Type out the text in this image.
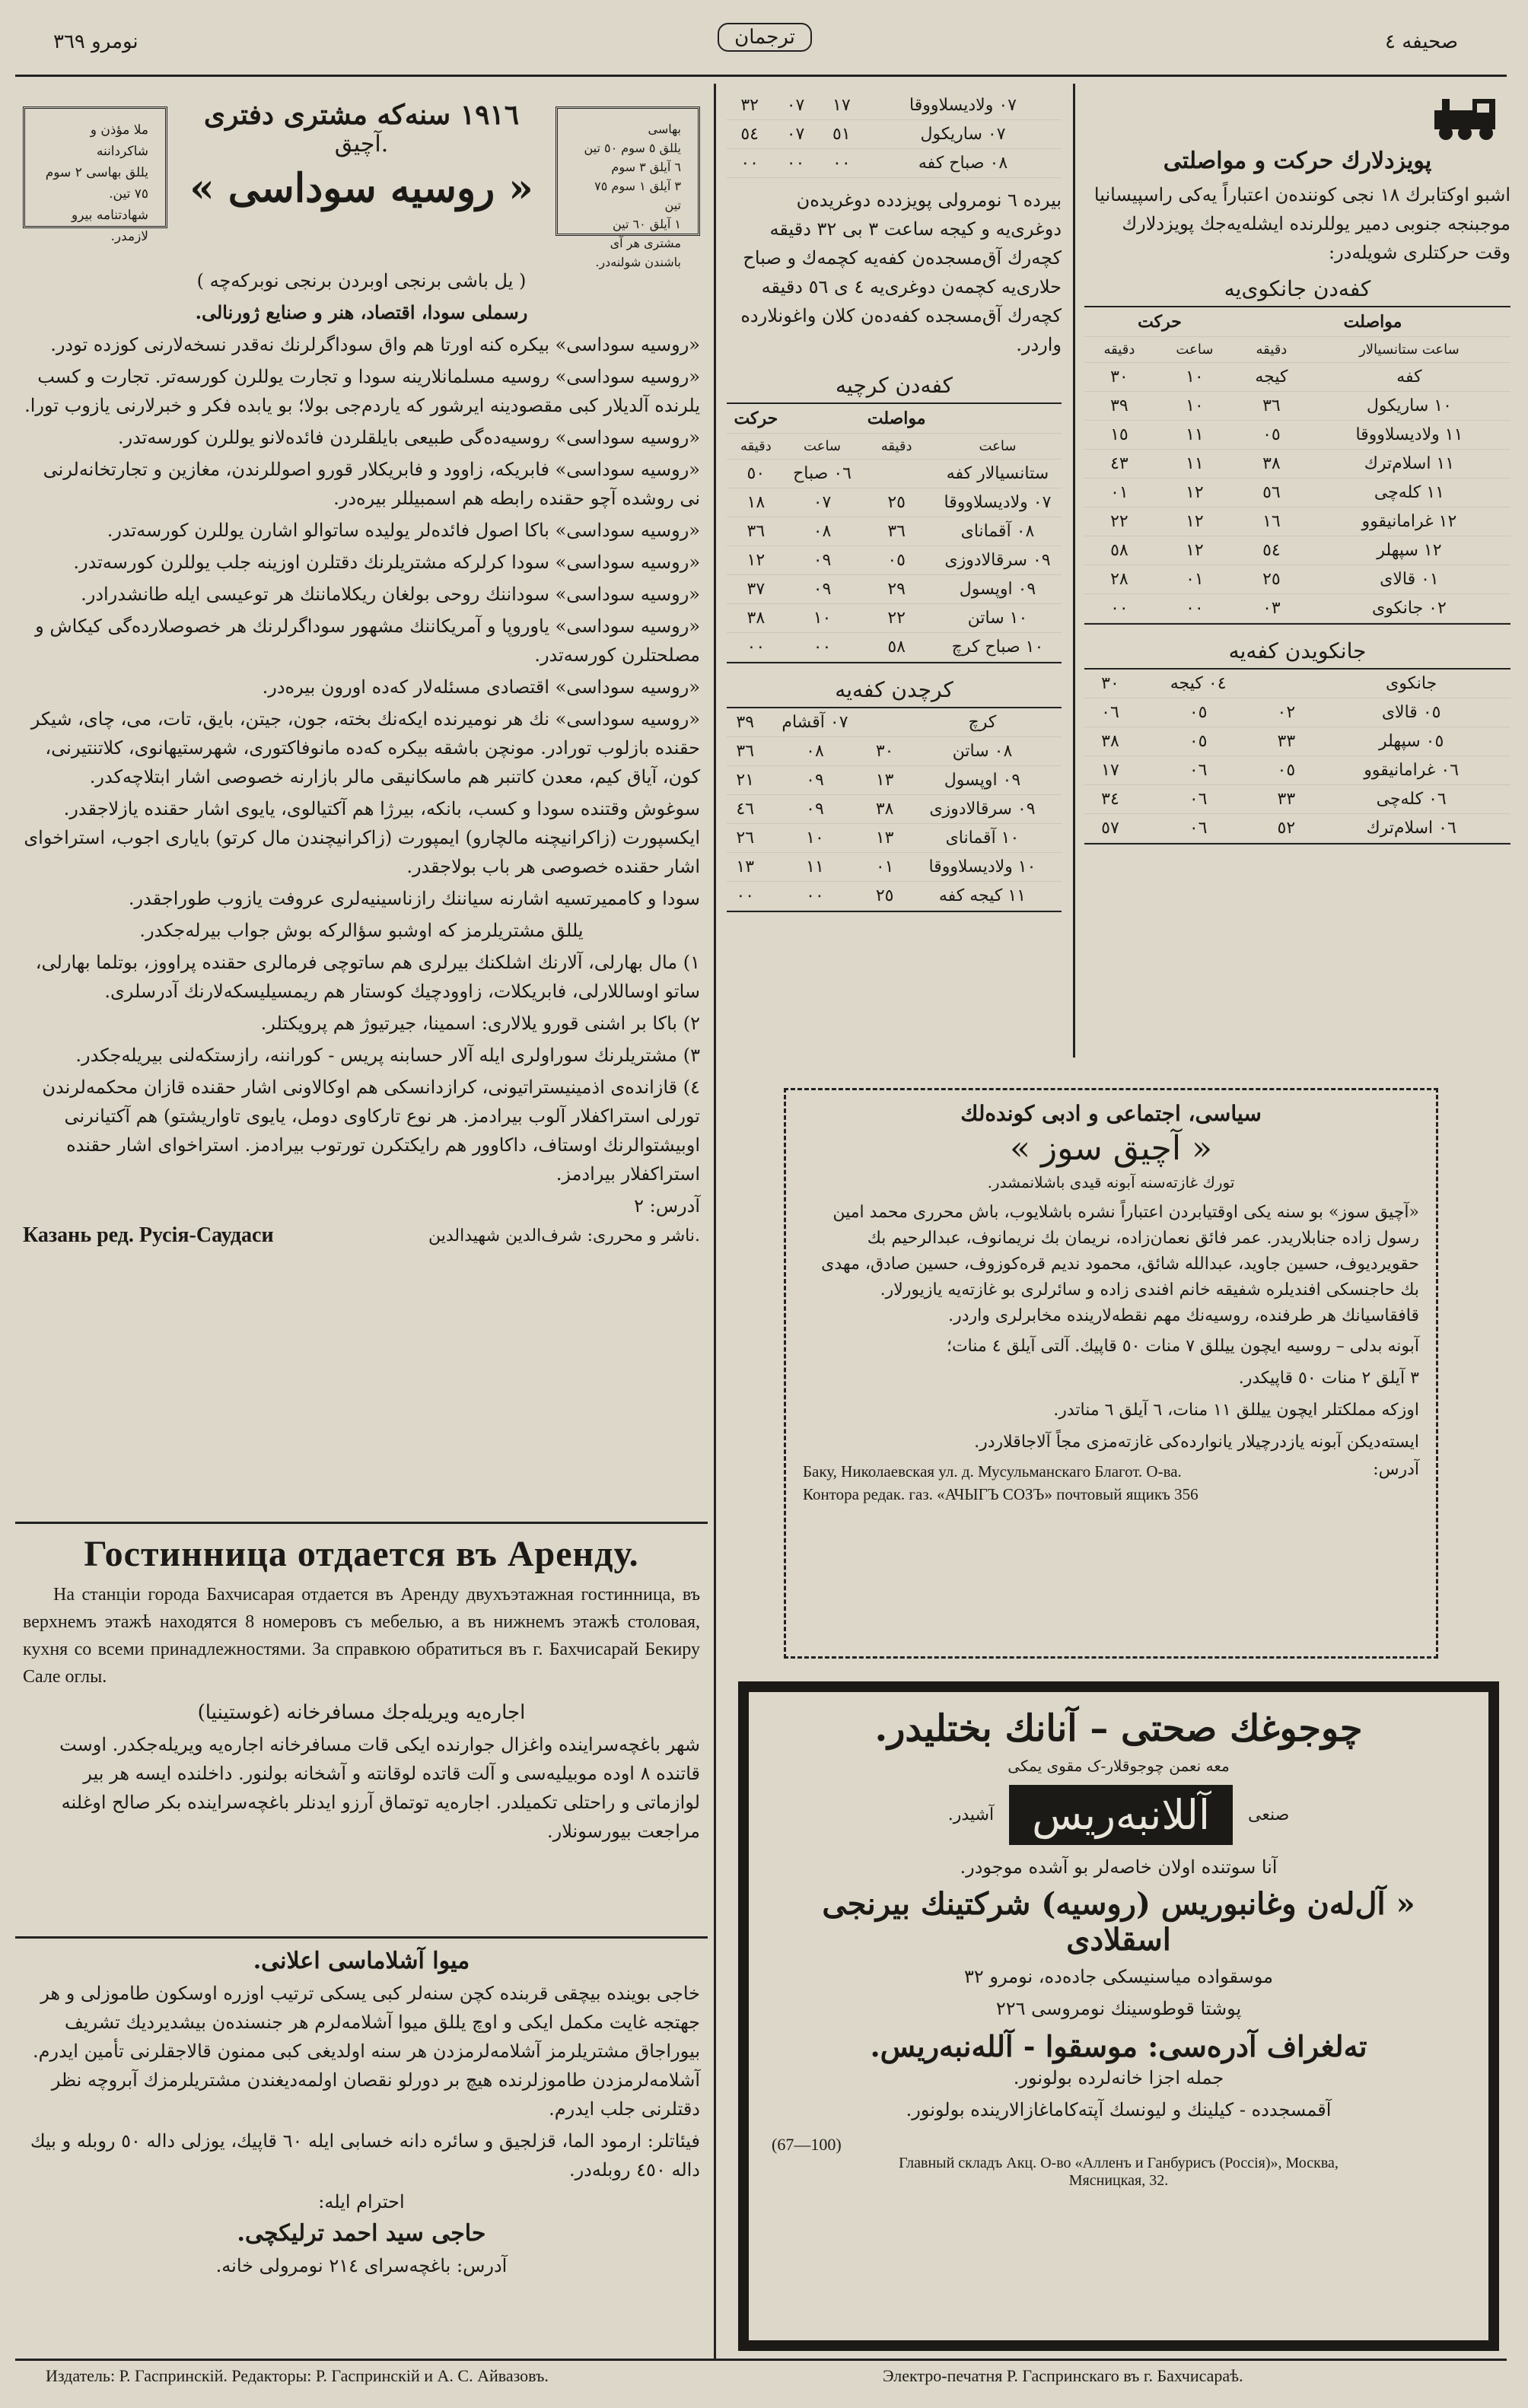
نومرو ٣٦٩	ترجمان	صحیفه ٤
ملا مؤذن و شاکرداننه
یللق بهاسی ٢ سوم ٧٥ تین.
شهادتنامه بیرو لازمدر.
١٩١٦ سنه‌که مشتری دفتری
آچیق.
« روسیه سوداسی »
بهاسی
یللق ٥ سوم ٥٠ تین
٦ آیلق ٣ سوم
٣ آیلق ١ سوم ٧٥ تین
١ آیلق ٦٠ تین
مشتری هر آی باشندن شولنه‌در.

( یل باشی برنجی اوبردن برنجی نوبرکه‌چه )

رسملی سودا، اقتصاد، هنر و صنایع ژورنالی.

«روسیه سوداسی» بیکره کنه اورتا هم واق سوداگرلرنك نه‌قدر نسخه‌لارنی کوزده تودر.

«روسیه سوداسی» روسیه مسلمانلارینه سودا و تجارت یوللرن کورسه‌تر. تجارت و کسب یلرنده آلدیلار کبی مقصودینه ایرشور که یاردم‌جی بولا؛ بو یابده فکر و خبرلارنی یازوب تورا.

«روسیه سوداسی» روسیه‌ده‌گی طبیعی بایلقلردن فائده‌لانو یوللرن کورسه‌تدر.

«روسیه سوداسی» فابریکه، زاوود و فابریکلار قورو اصوللرندن، مغازین و تجارتخانه‌لرنی نی روشده آچو حقنده رابطه هم اسمبیللر بیره‌در.

«روسیه سوداسی» باکا اصول فائده‌لر یولیده ساتوالو اشارن یوللرن کورسه‌تدر.

«روسیه سوداسی» سودا کرلرکه مشتریلرنك دقتلرن اوزینه جلب یوللرن کورسه‌تدر.

«روسیه سوداسی» سوداننك روحی بولغان ریکلاماننك هر توعیسی ایله طانشدرادر.

«روسیه سوداسی» یاوروپا و آمریکاننك مشهور سوداگرلرنك هر خصوصلارده‌گی کیکاش و مصلحتلرن کورسه‌تدر.

«روسیه سوداسی» اقتصادی مسئله‌لار که‌ده اورون بیره‌در.

«روسیه سوداسی» نك هر نومیرنده ایکه‌نك بخته، جون، جیتن، بایق، تات، می، چای، شیکر حقنده بازلوب تورادر. مونچن باشقه بیکره که‌ده مانوفاکتوری، شهرستیهانوی، کلاتنتیرنی، کون، آیاق کیم، معدن کاتنبر هم ماسکانیقی مالر بازارنه خصوصی اشار ابتلاچه‌کدر.

سوغوش وقتنده سودا و کسب، بانکه، بیرژا هم آکتیالوی، یایوی اشار حقنده یازلاجقدر. ایکسپورت (زاکرانیچنه مالچارو) ایمپورت (زاکرانیچندن مال کرتو) بایاری اجوب، استراخوای اشار حقنده خصوصی هر باب بولاجقدر.

سودا و کاممیرتسیه اشارنه سیاننك رازناسینیه‌لری عروفت یازوب طوراجقدر.

یللق مشتریلرمز که اوشبو سؤالرکه بوش جواب بیرله‌جکدر.

١) مال بهارلی، آلارنك اشلکنك بیرلری هم ساتوچی فرمالری حقنده پراووز، بوتلما بهارلی، ساتو اوساللارلی، فابریکلات، زاوودچیك کوستار هم ریمسیلیسکه‌لارنك آدرسلری.

٢) باکا بر اشنی قورو یلالاری: اسمینا، جیرتیوژ هم پرویکتلر.

٣) مشتریلرنك سوراولری ایله آلار حسابنه پریس - کوراننه، رازستکه‌لنی بیریله‌جکدر.

٤) قازانده‌ی اذمینیستراتیونی، کرازدانسکی هم اوکالاونی اشار حقنده قازان محکمه‌لرندن تورلی استراکفلار آلوب بیرادمز. هر نوع تارکاوی دومل، یایوی تاواریشتو) هم آکتیانرنی اوبیشتوالرنك اوستاف، داکاوور هم رایکتکرن تورتوب بیرادمز. استراخوای اشار حقنده استراکفلار بیرادمز.

آدرس: ٢

Казань ред. Русія-Саудаси	ناشر و محرری: شرف‌الدین شهیدالدین.
Гостинница отдается въ Аренду.
На станціи города Бахчисарая отдается въ Аренду двухъэтажная гостинница, въ верхнемъ этажѣ находятся 8 номеровъ съ мебелью, а въ нижнемъ этажѣ столовая, кухня со всеми принадлежностями. За справкою обратиться въ г. Бахчисарай Бекиру Сале оглы.
اجاره‌یه ویریله‌جك مسافرخانه (غوستینیا)
شهر باغچه‌سراینده واغزال جوارنده ایکی قات مسافرخانه اجاره‌یه ویریله‌جکدر. اوست قاتنده ٨ اوده موبیلیه‌سی و آلت قاتده لوقانته و آشخانه بولنور. داخلنده ایسه هر بیر لوازماتی و راحتلی تکمیلدر. اجاره‌یه توتماق آرزو ایدنلر باغچه‌سراینده بکر صالح اوغلنه مراجعت بیورسونلار.
میوا آشلاماسی اعلانی.

خاجی بوینده بیچقی قربنده کچن سنه‌لر کبی یسکی ترتیب اوزره اوسکون طاموزلی و هر جهتجه غایت مکمل ایکی و اوچ یللق میوا آشلامه‌لرم هر جنسنده‌ن بیشدیردیك تشریف بیوراجاق مشتریلرمز آشلامه‌لرمزدن هر سنه اولدیغی کبی ممنون قالاجقلرنی تأمین ایدرم. آشلامه‌لرمزدن طاموزلرنده هیچ بر دورلو نقصان اولمه‌دیغندن مشتریلرمزك آبروچه نظر دقتلرنی جلب ایدرم.

فیئاتلر: ارمود الما، قزلجیق و سائره دانه خسابی ایله ٦٠ قاپیك، یوزلی داله ٥٠ روبله و بیك داله ٤٥٠ روبله‌در.

احترام ایله:

حاجی سید احمد ترلیکچی.

آدرس: باغچه‌سرای ٢١٤ نومرولی خانه.

٣٢	٠٧	١٧	٠٧ ولادیسلاووقا
٥٤	٠٧	٥١	٠٧ ساریکول
٠٠	٠٠	٠٠	٠٨ صباح کفه

بیرده ٦ نومرولی پویزدده دوغریده‌ن دوغری‌یه و کیجه ساعت ٣ بی ٣٢ دقیقه کچه‌رك آق‌مسجده‌ن کفه‌یه کچمه‌ك و صباح حلاری‌یه کچمه‌ن دوغری‌یه ٤ ی ٥٦ دقیقه کچه‌رك آق‌مسجده کفه‌ده‌ن کلان واغونلارده واردر.

کفه‌دن کرچیه
حرکت		مواصلت	
دقیقه	ساعت	دقیقه	ساعت
٥٠	٠٦ صباح		ستانسیالار کفه
١٨	٠٧	٢٥	٠٧ ولادیسلاووقا
٣٦	٠٨	٣٦	٠٨ آقمانای
١٢	٠٩	٠٥	٠٩ سرقالادوزی
٣٧	٠٩	٢٩	٠٩ اوپسول
٣٨	١٠	٢٢	١٠ ساتن
٠٠	٠٠	٥٨	١٠ صباح کرچ
کرچدن کفه‌یه
٣٩	٠٧ آقشام		کرچ
٣٦	٠٨	٣٠	٠٨ ساتن
٢١	٠٩	١٣	٠٩ اوپسول
٤٦	٠٩	٣٨	٠٩ سرقالادوزی
٢٦	١٠	١٣	١٠ آقمانای
١٣	١١	٠١	١٠ ولادیسلاووقا
٠٠	٠٠	٢٥	١١ کیجه کفه
پویزدلارك حرکت و مواصلتی

اشبو اوکتابرك ١٨ نجی کوننده‌ن اعتباراً یه‌کی راسپیسانیا موجبنجه جنوبی دمیر یوللرنده ایشله‌یه‌جك پویزدلارك وقت حرکتلری شویله‌در:

کفه‌دن جانکوی‌یه
حرکت		مواصلت	
دقیقه	ساعت	دقیقه	ساعت ستانسیالار
٣٠	١٠	کیجه	کفه
٣٩	١٠	٣٦	١٠ ساریکول
١٥	١١	٠٥	١١ ولادیسلاووقا
٤٣	١١	٣٨	١١ اسلام‌ترك
٠١	١٢	٥٦	١١ کله‌چی
٢٢	١٢	١٦	١٢ غرامانیقوو
٥٨	١٢	٥٤	١٢ سپهلر
٢٨	٠١	٢٥	٠١ قالای
٠٠	٠٠	٠٣	٠٢ جانکوی
جانکویدن کفه‌یه
٣٠	٠٤ کیجه		جانکوی
٠٦	٠٥	٠٢	٠٥ قالای
٣٨	٠٥	٣٣	٠٥ سپهلر
١٧	٠٦	٠٥	٠٦ غرامانیقوو
٣٤	٠٦	٣٣	٠٦ کله‌چی
٥٧	٠٦	٥٢	٠٦ اسلام‌ترك
سیاسی، اجتماعی و ادبی کونده‌لك
« آچیق سوز »
تورك غازته‌سنه آبونه قیدی باشلانمشدر.

«آچیق سوز» بو سنه یکی اوقتیابردن اعتباراً نشره باشلایوب، باش محرری محمد امین رسول زاده جنابلاریدر. عمر فائق نعمان‌زاده، نریمان بك نریمانوف، عبدالرحیم بك حقویردیوف، حسین جاوید، عبدالله شائق، محمود ندیم قره‌کوزوف، حسین صادق، مهدی بك حاجنسکی افندیلره شفیقه خانم افندی زاده و سائرلری بو غازته‌یه یازیورلار. قافقاسیانك هر طرفنده، روسیه‌نك مهم نقطه‌لارینده مخابرلری واردر.

آبونه بدلی – روسیه ایچون ییللق ٧ منات ٥٠ قاپیك. آلتی آیلق ٤ منات؛

٣ آیلق ٢ منات ٥٠ قاپیکدر.

اوزکه مملکتلر ایچون ییللق ١١ منات، ٦ آیلق ٦ مناتدر.

ایسته‌دیکن آبونه یازدرچیلار یانوار‌ده‌کی غازته‌مزی مجاً آلاجاقلاردر.

Баку, Николаевская ул. д. Мусульманскаго Благот. О-ва.
Контора редак. газ. «АЧЫГЪ СОЗЪ» почтовый ящикъ 356
آدرس:
چوجوغك صحتی – آنانك بختلیدر.
معه نعمن چوجوقلار-ک مقوی یمکی
صنعی
آللانبه‌ریس
آشیدر.
آنا سوتنده اولان خاصه‌لر بو آشده موجودر.
« آل‌له‌ن وغانبوریس (روسیه) شرکتینك بیرنجی
اسقلادی
موسقواده میاسنیسکی جاده‌ده، نومرو ٣٢
پوشتا قوطوسینك نومروسی ٢٢٦
تەلغراف آدرەسی: موسقوا - آللەنبەریس.
جمله اجزا خانه‌لرده بولونور.
آقمسجدده - کیلینك و لیونسك آپته‌کاماغازالارینده بولونور.
(67—100)
Главный складъ Акц. О-во «Алленъ и Ганбурисъ (Россія)», Москва,
Мясницкая, 32.
Издатель: Р. Гаспринскій. Редакторы: Р. Гаспринскій и А. С. Айвазовъ.	Электро-печатня Р. Гаспринскаго въ г. Бахчисараѣ.
